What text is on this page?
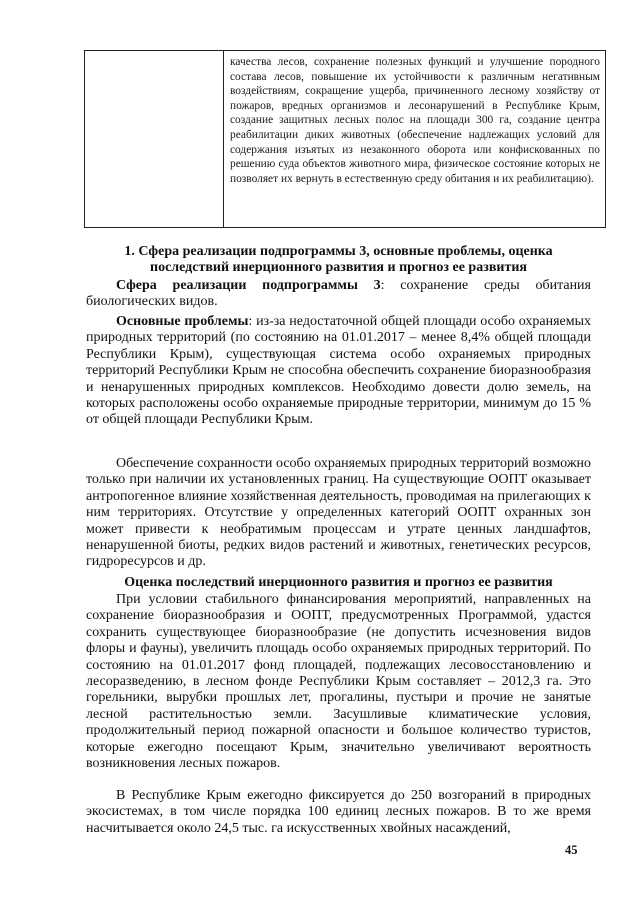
качества лесов, сохранение полезных функций и улучшение породного состава лесов, повышение их устойчивости к различным негативным воздействиям, сокращение ущерба, причиненного лесному хозяйству от пожаров, вредных организмов и лесонарушений в Республике Крым, создание защитных лесных полос на площади 300 га, создание центра реабилитации диких животных (обеспечение надлежащих условий для содержания изъятых из незаконного оборота или конфискованных по решению суда объектов животного мира, физическое состояние которых не позволяет их вернуть в естественную среду обитания и их реабилитацию).

1. Сфера реализации подпрограммы 3, основные проблемы, оценка последствий инерционного развития и прогноз ее развития

Сфера реализации подпрограммы 3: сохранение среды обитания биологических видов.

Основные проблемы: из-за недостаточной общей площади особо охраняемых природных территорий (по состоянию на 01.01.2017 – менее 8,4% общей площади Республики Крым), существующая система особо охраняемых природных территорий Республики Крым не способна обеспечить сохранение биоразнообразия и ненарушенных природных комплексов. Необходимо довести долю земель, на которых расположены особо охраняемые природные территории, минимум до 15 % от общей площади Республики Крым.

Обеспечение сохранности особо охраняемых природных территорий возможно только при наличии их установленных границ. На существующие ООПТ оказывает антропогенное влияние хозяйственная деятельность, проводимая на прилегающих к ним территориях. Отсутствие у определенных категорий ООПТ охранных зон может привести к необратимым процессам и утрате ценных ландшафтов, ненарушенной биоты, редких видов растений и животных, генетических ресурсов, гидроресурсов и др.

Оценка последствий инерционного развития и прогноз ее развития

При условии стабильного финансирования мероприятий, направленных на сохранение биоразнообразия и ООПТ, предусмотренных Программой, удастся сохранить существующее биоразнообразие (не допустить исчезновения видов флоры и фауны), увеличить площадь особо охраняемых природных территорий. По состоянию на 01.01.2017 фонд площадей, подлежащих лесовосстановлению и лесоразведению, в лесном фонде Республики Крым составляет – 2012,3 га. Это горельники, вырубки прошлых лет, прогалины, пустыри и прочие не занятые лесной растительностью земли. Засушливые климатические условия, продолжительный период пожарной опасности и большое количество туристов, которые ежегодно посещают Крым, значительно увеличивают вероятность возникновения лесных пожаров.

В Республике Крым ежегодно фиксируется до 250 возгораний в природных экосистемах, в том числе порядка 100 единиц лесных пожаров. В то же время насчитывается около 24,5 тыс. га искусственных хвойных насаждений,

45
